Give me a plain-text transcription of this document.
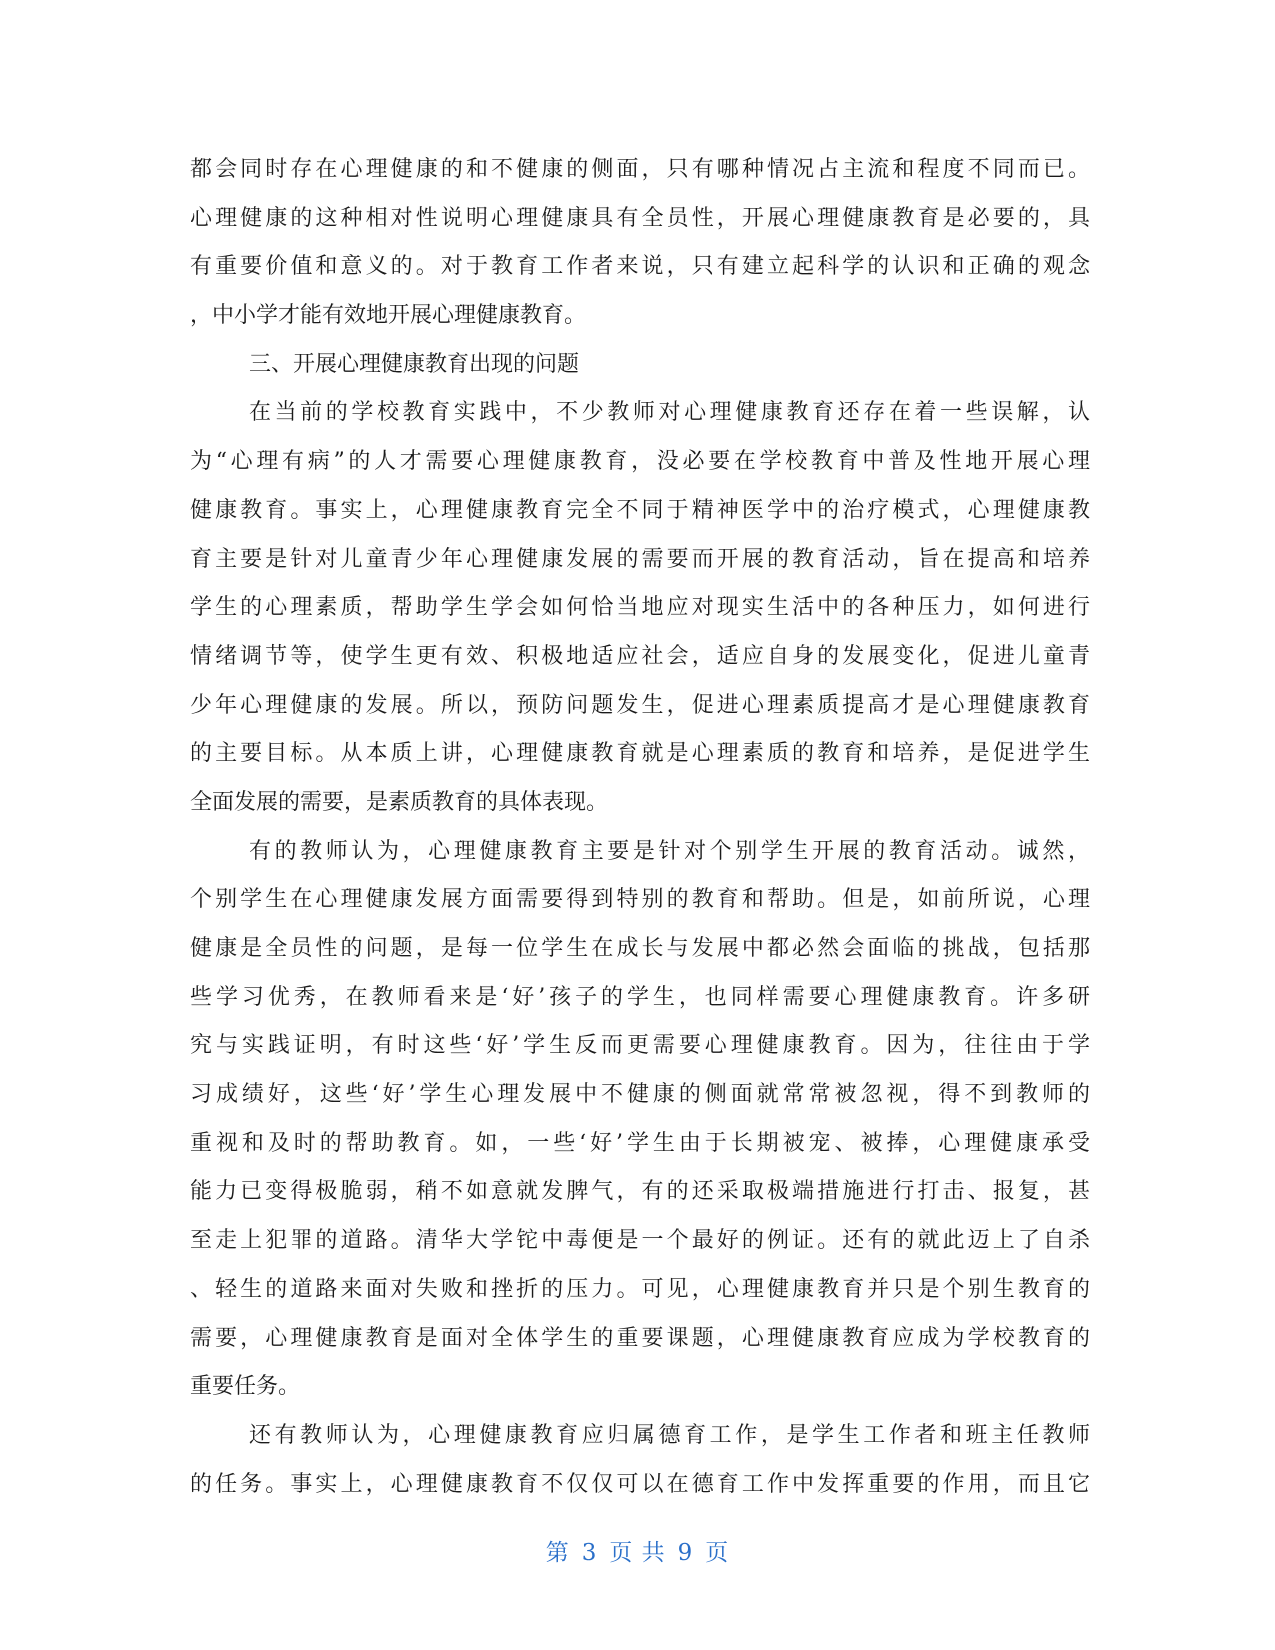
都会同时存在心理健康的和不健康的侧面，只有哪种情况占主流和程度不同而已。
心理健康的这种相对性说明心理健康具有全员性，开展心理健康教育是必要的，具
有重要价值和意义的。对于教育工作者来说，只有建立起科学的认识和正确的观念
，中小学才能有效地开展心理健康教育。
三、开展心理健康教育出现的问题
在当前的学校教育实践中，不少教师对心理健康教育还存在着一些误解，认
为“心理有病”的人才需要心理健康教育，没必要在学校教育中普及性地开展心理
健康教育。事实上，心理健康教育完全不同于精神医学中的治疗模式，心理健康教
育主要是针对儿童青少年心理健康发展的需要而开展的教育活动，旨在提高和培养
学生的心理素质，帮助学生学会如何恰当地应对现实生活中的各种压力，如何进行
情绪调节等，使学生更有效、积极地适应社会，适应自身的发展变化，促进儿童青
少年心理健康的发展。所以，预防问题发生，促进心理素质提高才是心理健康教育
的主要目标。从本质上讲，心理健康教育就是心理素质的教育和培养，是促进学生
全面发展的需要，是素质教育的具体表现。
有的教师认为，心理健康教育主要是针对个别学生开展的教育活动。诚然，
个别学生在心理健康发展方面需要得到特别的教育和帮助。但是，如前所说，心理
健康是全员性的问题，是每一位学生在成长与发展中都必然会面临的挑战，包括那
些学习优秀，在教师看来是‘好’孩子的学生，也同样需要心理健康教育。许多研
究与实践证明，有时这些‘好’学生反而更需要心理健康教育。因为，往往由于学
习成绩好，这些‘好’学生心理发展中不健康的侧面就常常被忽视，得不到教师的
重视和及时的帮助教育。如，一些‘好’学生由于长期被宠、被捧，心理健康承受
能力已变得极脆弱，稍不如意就发脾气，有的还采取极端措施进行打击、报复，甚
至走上犯罪的道路。清华大学铊中毒便是一个最好的例证。还有的就此迈上了自杀
、轻生的道路来面对失败和挫折的压力。可见，心理健康教育并只是个别生教育的
需要，心理健康教育是面对全体学生的重要课题，心理健康教育应成为学校教育的
重要任务。
还有教师认为，心理健康教育应归属德育工作，是学生工作者和班主任教师
的任务。事实上，心理健康教育不仅仅可以在德育工作中发挥重要的作用，而且它
第 3 页 共 9 页
